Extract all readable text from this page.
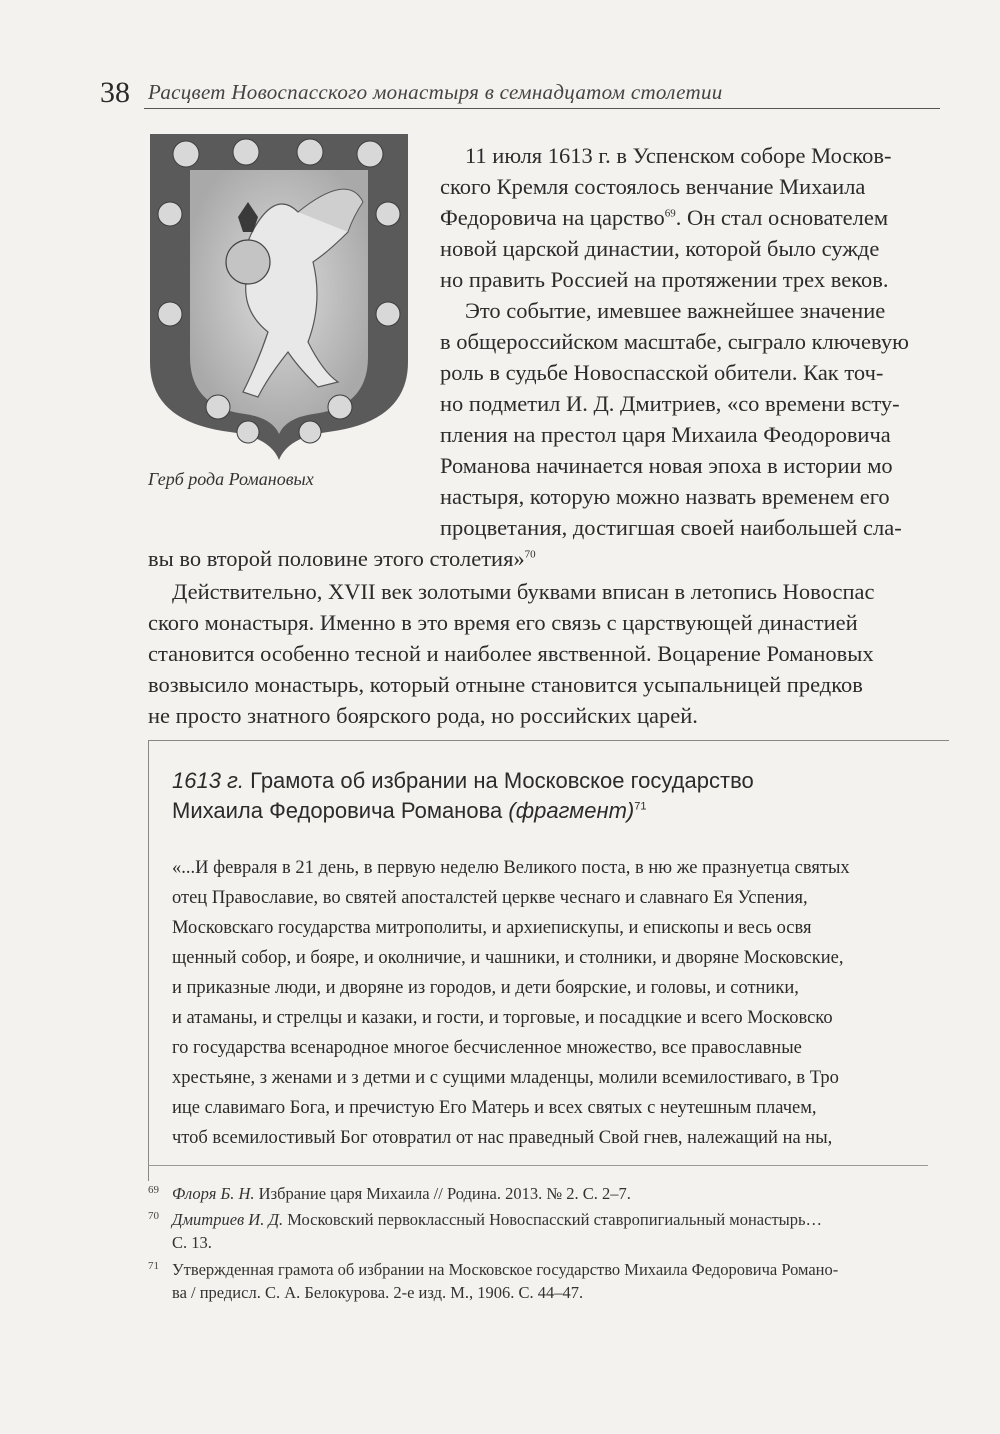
38 Расцвет Новоспасского монастыря в семнадцатом столетии
Герб рода Романовых
11 июля 1613 г. в Успенском соборе Москов-
ского Кремля состоялось венчание Михаила
Федоровича на царство$^{69}$. Он стал основателем
новой царской династии, которой было сужде
но править Россией на протяжении трех веков.
Это событие, имевшее важнейшее значение
в общероссийском масштабе, сыграло ключевую
роль в судьбе Новоспасской обители. Как точ-
но подметил И. Д. Дмитриев, «со времени всту-
пления на престол царя Михаила Феодоровича
Романова начинается новая эпоха в истории мо
настыря, которую можно назвать временем его
процветания, достигшая своей наибольшей сла-
вы во второй половине этого столетия»$^{70}$
Действительно, XVII век золотыми буквами вписан в летопись Новоспас
ского монастыря. Именно в это время его связь с царствующей династией
становится особенно тесной и наиболее явственной. Воцарение Романовых
возвысило монастырь, который отныне становится усыпальницей предков
не просто знатного боярского рода, но российских царей.
1613 г. Грамота об избрании на Московское государство
Михаила Федоровича Романова (фрагмент)$^{71}$
«...И февраля в 21 день, в первую неделю Великого поста, в ню же празнуетца святых
отец Православие, во святей апосталстей церкве чеснаго и славнаго Ея Успения,
Московскаго государства митрополиты, и архиепискупы, и епископы и весь освя
щенный собор, и бояре, и околничие, и чашники, и столники, и дворяне Московские,
и приказные люди, и дворяне из городов, и дети боярские, и головы, и сотники,
и атаманы, и стрелцы и казаки, и гости, и торговые, и посадцкие и всего Московско
го государства всенародное многое бесчисленное множество, все православные
хрестьяне, з женами и з детми и с сущими младенцы, молили всемилостиваго, в Тро
ице славимаго Бога, и пречистую Его Матерь и всех святых с неутешным плачем,
чтоб всемилостивый Бог отовратил от нас праведный Свой гнев, належащий на ны,
69 Флоря Б. Н. Избрание царя Михаила // Родина. 2013. № 2. С. 2–7.
70 Дмитриев И. Д. Московский первоклассный Новоспасский ставропигиальный монастырь…
С. 13.
71 Утвержденная грамота об избрании на Московское государство Михаила Федоровича Романо-
ва / предисл. С. А. Белокурова. 2-е изд. М., 1906. С. 44–47.
